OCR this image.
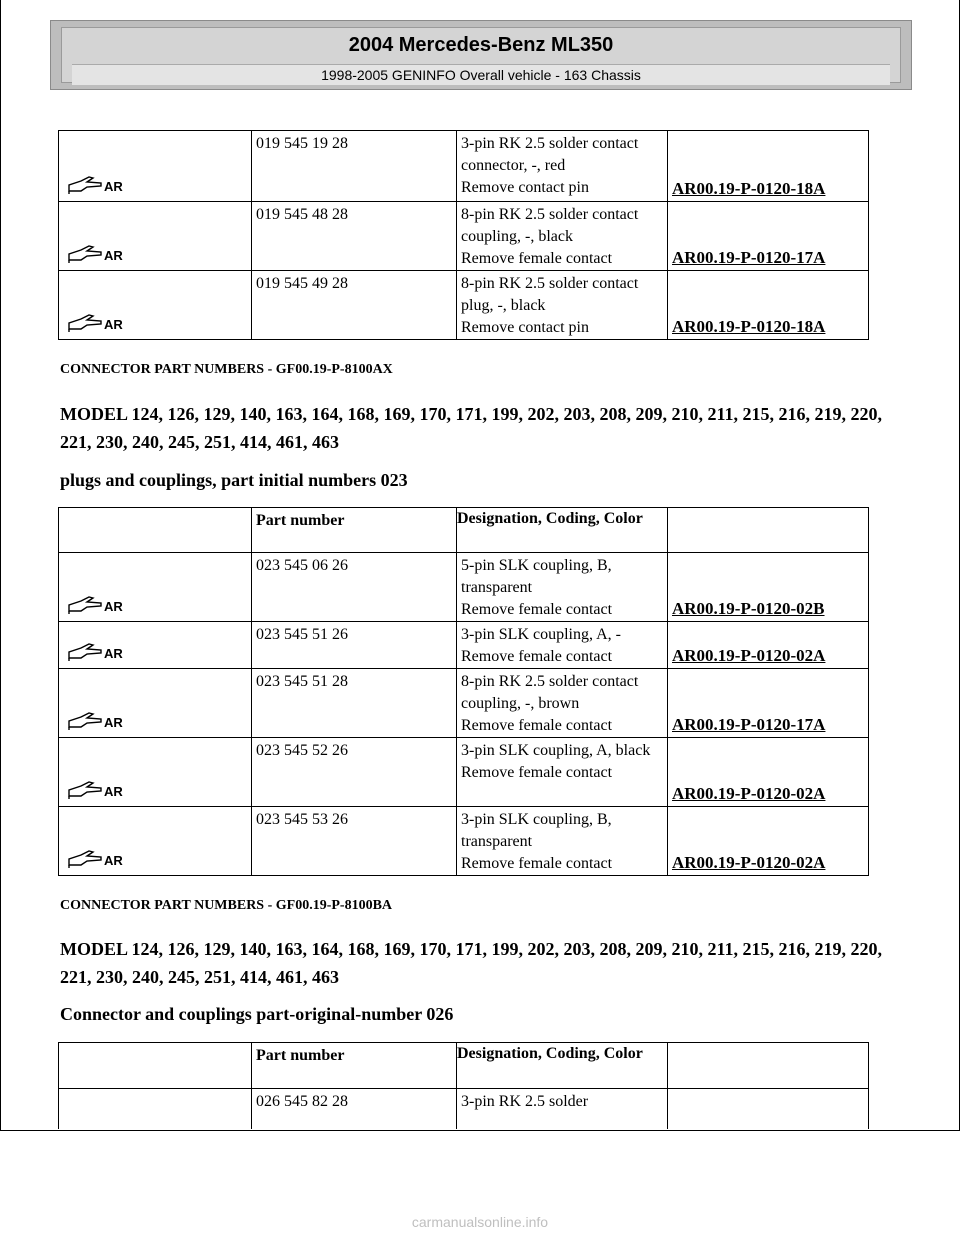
2004 Mercedes-Benz ML350
1998-2005 GENINFO Overall vehicle - 163 Chassis
	019 545 19 28	3-pin RK 2.5 solder contact connector, -, red
Remove contact pin	AR00.19-P-0120-18A

	019 545 48 28	8-pin RK 2.5 solder contact coupling, -, black
Remove female contact	AR00.19-P-0120-17A

	019 545 49 28	8-pin RK 2.5 solder contact plug, -, black
Remove contact pin	AR00.19-P-0120-18A
CONNECTOR PART NUMBERS - GF00.19-P-8100AX
MODEL 124, 126, 129, 140, 163, 164, 168, 169, 170, 171, 199, 202, 203, 208, 209, 210, 211, 215, 216, 219, 220, 221, 230, 240, 245, 251, 414, 461, 463
plugs and couplings, part initial numbers 023
	Part number	Designation, Coding, Color	

	023 545 06 26	5-pin SLK coupling, B, transparent
Remove female contact	AR00.19-P-0120-02B

	023 545 51 26	3-pin SLK coupling, A, -
Remove female contact	AR00.19-P-0120-02A

	023 545 51 28	8-pin RK 2.5 solder contact coupling, -, brown
Remove female contact	AR00.19-P-0120-17A

	023 545 52 26	3-pin SLK coupling, A, black
Remove female contact	AR00.19-P-0120-02A

	023 545 53 26	3-pin SLK coupling, B, transparent
Remove female contact	AR00.19-P-0120-02A
CONNECTOR PART NUMBERS - GF00.19-P-8100BA
MODEL 124, 126, 129, 140, 163, 164, 168, 169, 170, 171, 199, 202, 203, 208, 209, 210, 211, 215, 216, 219, 220, 221, 230, 240, 245, 251, 414, 461, 463
Connector and couplings part-original-number 026
	Part number	Designation, Coding, Color	
	026 545 82 28	3-pin RK 2.5 solder	

carmanualsonline.info
